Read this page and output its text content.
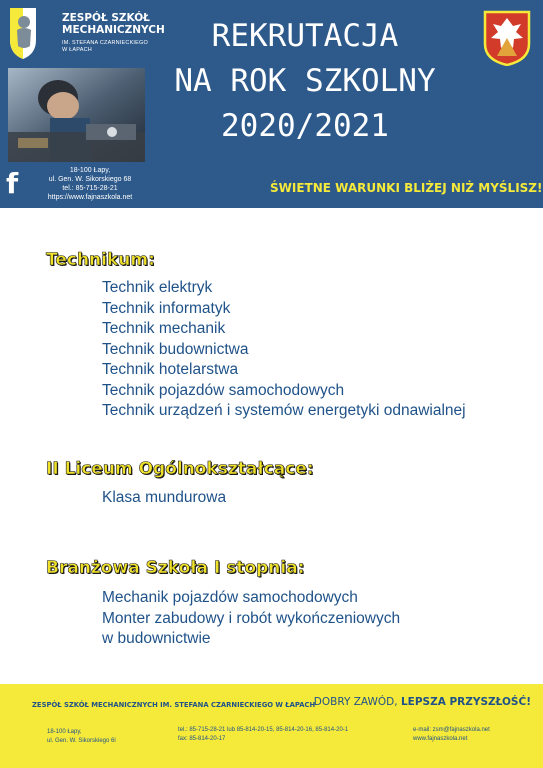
ZESPÓŁ SZKÓŁ
MECHANICZNYCH
IM. STEFANA CZARNIECKIEGO
W ŁAPACH
f	18-100 Łapy,
ul. Gen. W. Sikorskiego 68
tel.: 85-715-28-21
https://www.fajnaszkola.net
REKRUTACJA
NA ROK SZKOLNY
2020/2021
ŚWIETNE WARUNKI BLIŻEJ NIŻ MYŚLISZ!
Technikum:
Technik elektryk
Technik informatyk
Technik mechanik
Technik budownictwa
Technik hotelarstwa
Technik pojazdów samochodowych
Technik urządzeń i systemów energetyki odnawialnej
II Liceum Ogólnokształcące:
Klasa mundurowa
Branżowa Szkoła I stopnia:
Mechanik pojazdów samochodowych
Monter zabudowy i robót wykończeniowych
w budownictwie
ZESPÓŁ SZKÓŁ MECHANICZNYCH IM. STEFANA CZARNIECKIEGO W ŁAPACH
DOBRY ZAWÓD, LEPSZA PRZYSZŁOŚĆ!
18-100 Łapy,
ul. Gen. W. Sikorskiego 6l
tel.: 85-715-28-21 lub 85-814-20-15, 85-814-20-16, 85-814-20-1
fax: 85-814-20-17
e-mail: zsm@fajnaszkola.net
www.fajnaszkola.net
